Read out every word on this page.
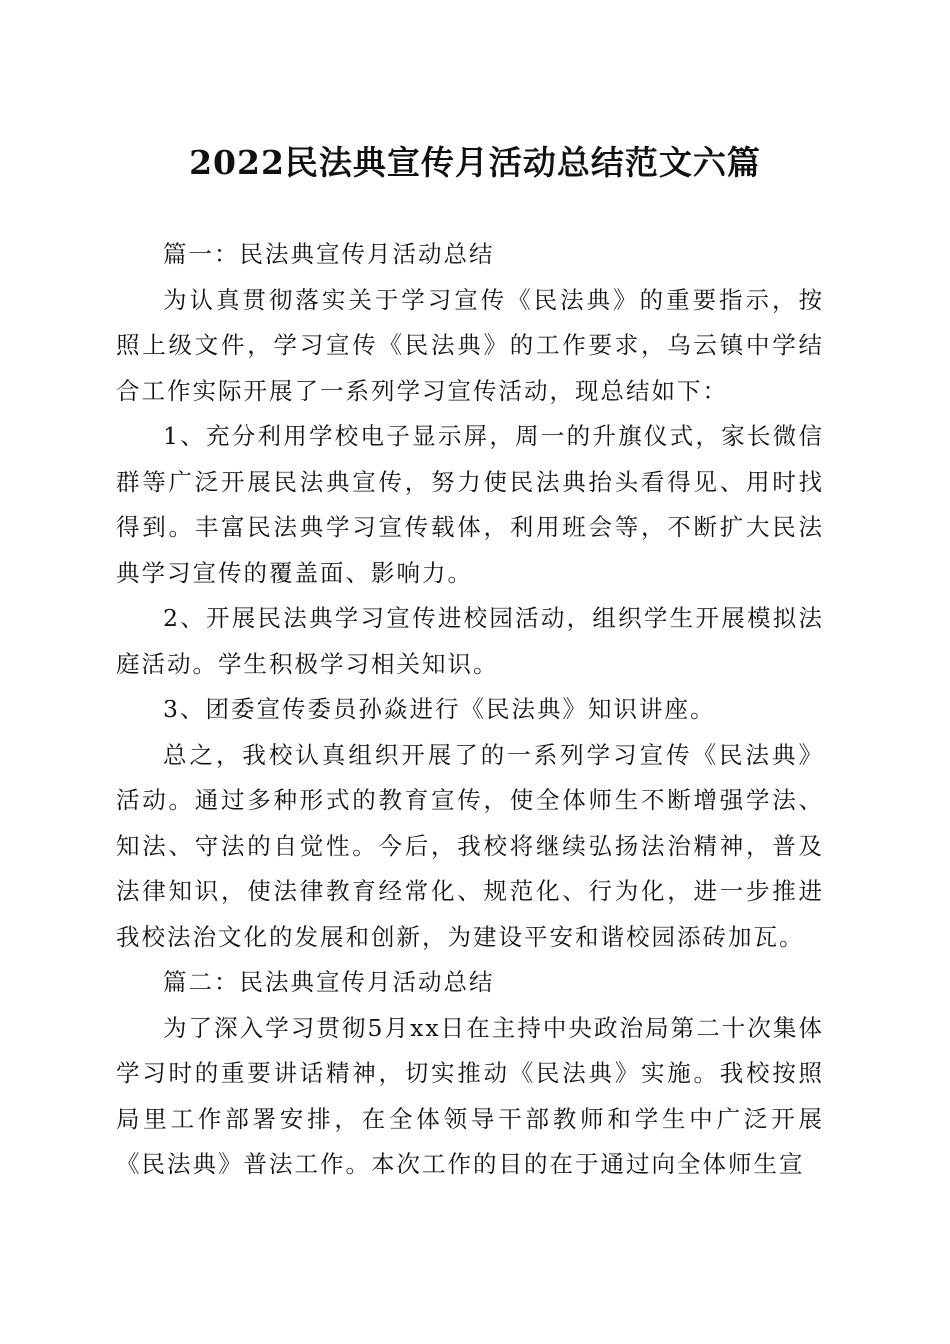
2022民法典宣传月活动总结范文六篇

篇一：民法典宣传月活动总结

为认真贯彻落实关于学习宣传《民法典》的重要指示，按照上级文件，学习宣传《民法典》的工作要求，乌云镇中学结合工作实际开展了一系列学习宣传活动，现总结如下：

1、充分利用学校电子显示屏，周一的升旗仪式，家长微信群等广泛开展民法典宣传，努力使民法典抬头看得见、用时找得到。丰富民法典学习宣传载体，利用班会等，不断扩大民法典学习宣传的覆盖面、影响力。

2、开展民法典学习宣传进校园活动，组织学生开展模拟法庭活动。学生积极学习相关知识。

3、团委宣传委员孙焱进行《民法典》知识讲座。

总之，我校认真组织开展了的一系列学习宣传《民法典》活动。通过多种形式的教育宣传，使全体师生不断增强学法、知法、守法的自觉性。今后，我校将继续弘扬法治精神，普及法律知识，使法律教育经常化、规范化、行为化，进一步推进我校法治文化的发展和创新，为建设平安和谐校园添砖加瓦。

篇二：民法典宣传月活动总结

为了深入学习贯彻5月xx日在主持中央政治局第二十次集体学习时的重要讲话精神，切实推动《民法典》实施。我校按照局里工作部署安排，在全体领导干部教师和学生中广泛开展《民法典》普法工作。本次工作的目的在于通过向全体师生宣
